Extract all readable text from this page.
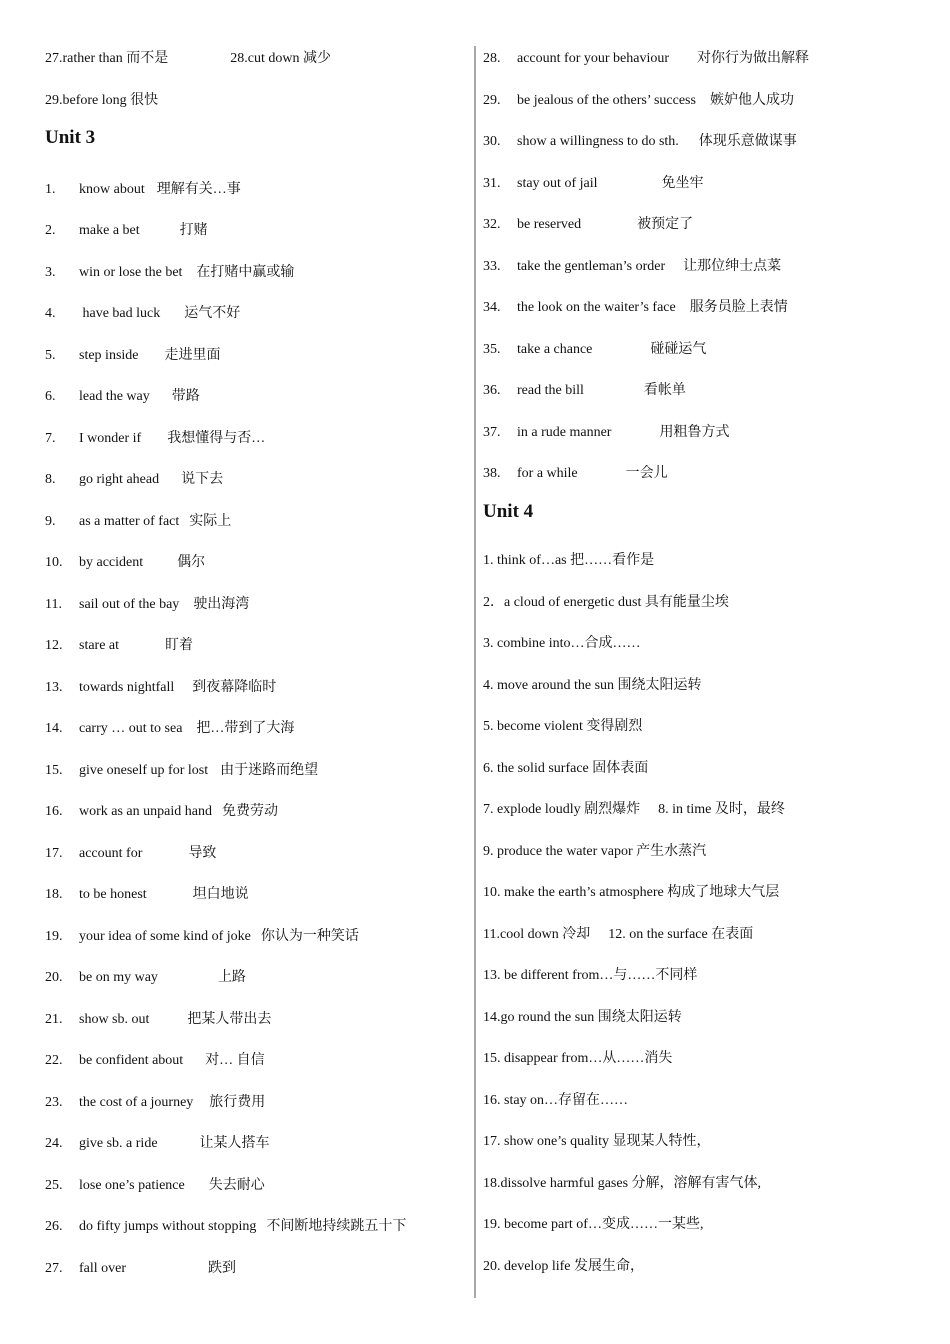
27.rather than 而不是	28.cut down 减少
29.before long 很快
Unit 3
1. know about 理解有关…事
2. make a bet	打赌
3. win or lose the bet 在打赌中赢或输
4. have bad luck 运气不好
5. step inside 走进里面
6. lead the way 带路
7. I wonder if 我想懂得与否…
8. go right ahead 说下去
9. as a matter of fact 实际上
10. by accident 偶尔
11. sail out of the bay 驶出海湾
12. stare at	盯着
13. towards nightfall 到夜幕降临时
14. carry … out to sea 把…带到了大海
15. give oneself up for lost 由于迷路而绝望
16. work as an unpaid hand 免费劳动
17. account for	导致
18. to be honest	坦白地说
19. your idea of some kind of joke 你认为一种笑话
20. be on my way	上路
21. show sb. out	把某人带出去
22. be confident about 对… 自信
23. the cost of a journey 旅行费用
24. give sb. a ride	让某人搭车
25. lose one’s patience 失去耐心
26. do fifty jumps without stopping 不间断地持续跳五十下
27. fall over	跌到
28. account for your behaviour 对你行为做出解释
29. be jealous of the others’ success 嫉妒他人成功
30. show a willingness to do sth. 体现乐意做谋事
31. stay out of jail	免坐牢
32. be reserved	被预定了
33. take the gentleman’s order 让那位绅士点菜
34. the look on the waiter’s face 服务员脸上表情
35. take a chance	碰碰运气
36. read the bill	看帐单
37. in a rude manner	用粗鲁方式
38. for a while	一会儿
Unit 4
1. think of…as 把……看作是
2．a cloud of energetic dust 具有能量尘埃
3. combine into…合成……
4. move around the sun 围绕太阳运转
5. become violent 变得剧烈
6. the solid surface 固体表面
7. explode loudly 剧烈爆炸 8. in time 及时，最终
9. produce the water vapor 产生水蒸汽
10. make the earth’s atmosphere 构成了地球大气层
11.cool down 冷却 12. on the surface 在表面
13. be different from…与……不同样
14.go round the sun 围绕太阳运转
15. disappear from…从……消失
16. stay on…存留在……
17. show one’s quality 显现某人特性，
18.dissolve harmful gases 分解，溶解有害气体,
19. become part of…变成……一某些,
20. develop life 发展生命，
